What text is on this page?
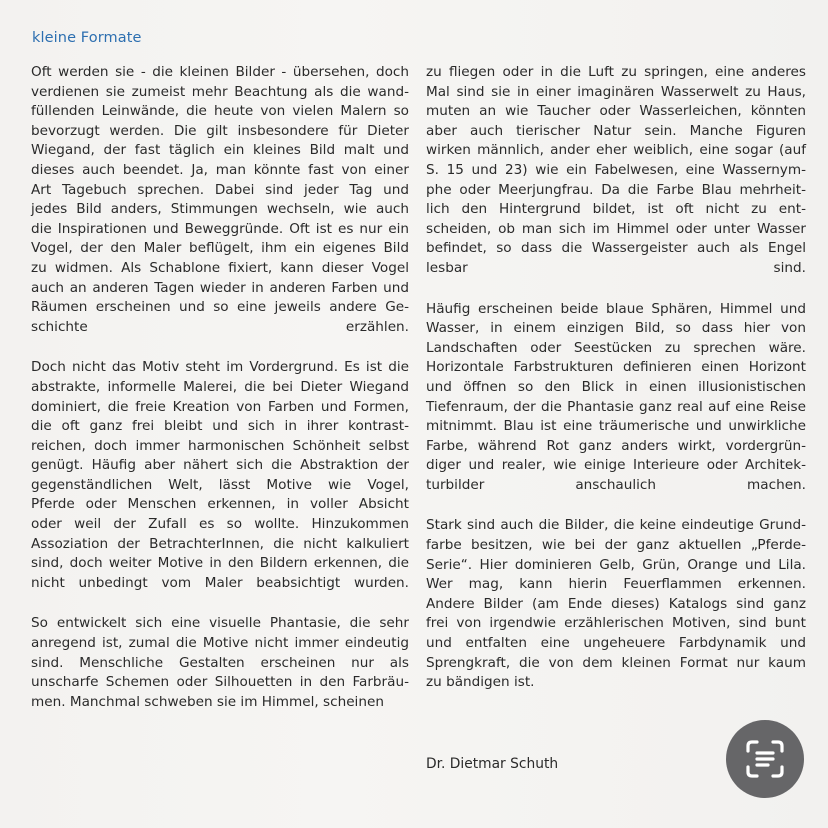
kleine Formate

Oft werden sie - die kleinen Bilder - übersehen, doch
verdienen sie zumeist mehr Beachtung als die wand-
füllenden Leinwände, die heute von vielen Malern so
bevorzugt werden. Die gilt insbesondere für Dieter
Wiegand, der fast täglich ein kleines Bild malt und
dieses auch beendet. Ja, man könnte fast von einer
Art Tagebuch sprechen. Dabei sind jeder Tag und
jedes Bild anders, Stimmungen wechseln, wie auch
die Inspirationen und Beweggründe. Oft ist es nur ein
Vogel, der den Maler beflügelt, ihm ein eigenes Bild
zu widmen. Als Schablone fixiert, kann dieser Vogel
auch an anderen Tagen wieder in anderen Farben und
Räumen erscheinen und so eine jeweils andere Ge-
schichte erzählen.

Doch nicht das Motiv steht im Vordergrund. Es ist die
abstrakte, informelle Malerei, die bei Dieter Wiegand
dominiert, die freie Kreation von Farben und Formen,
die oft ganz frei bleibt und sich in ihrer kontrast-
reichen, doch immer harmonischen Schönheit selbst
genügt. Häufig aber nähert sich die Abstraktion der
gegenständlichen Welt, lässt Motive wie Vogel,
Pferde oder Menschen erkennen, in voller Absicht
oder weil der Zufall es so wollte. Hinzukommen
Assoziation der BetrachterInnen, die nicht kalkuliert
sind, doch weiter Motive in den Bildern erkennen, die
nicht unbedingt vom Maler beabsichtigt wurden.

So entwickelt sich eine visuelle Phantasie, die sehr
anregend ist, zumal die Motive nicht immer eindeutig
sind. Menschliche Gestalten erscheinen nur als
unscharfe Schemen oder Silhouetten in den Farbräu-
men. Manchmal schweben sie im Himmel, scheinen

zu fliegen oder in die Luft zu springen, eine anderes
Mal sind sie in einer imaginären Wasserwelt zu Haus,
muten an wie Taucher oder Wasserleichen, könnten
aber auch tierischer Natur sein. Manche Figuren
wirken männlich, ander eher weiblich, eine sogar (auf
S. 15 und 23) wie ein Fabelwesen, eine Wassernym-
phe oder Meerjungfrau. Da die Farbe Blau mehrheit-
lich den Hintergrund bildet, ist oft nicht zu ent-
scheiden, ob man sich im Himmel oder unter Wasser
befindet, so dass die Wassergeister auch als Engel
lesbar sind.

Häufig erscheinen beide blaue Sphären, Himmel und
Wasser, in einem einzigen Bild, so dass hier von
Landschaften oder Seestücken zu sprechen wäre.
Horizontale Farbstrukturen definieren einen Horizont
und öffnen so den Blick in einen illusionistischen
Tiefenraum, der die Phantasie ganz real auf eine Reise
mitnimmt. Blau ist eine träumerische und unwirkliche
Farbe, während Rot ganz anders wirkt, vordergrün-
diger und realer, wie einige Interieure oder Architek-
turbilder anschaulich machen.

Stark sind auch die Bilder, die keine eindeutige Grund-
farbe besitzen, wie bei der ganz aktuellen „Pferde-
Serie“. Hier dominieren Gelb, Grün, Orange und Lila.
Wer mag, kann hierin Feuerflammen erkennen.
Andere Bilder (am Ende dieses) Katalogs sind ganz
frei von irgendwie erzählerischen Motiven, sind bunt
und entfalten eine ungeheuere Farbdynamik und
Sprengkraft, die von dem kleinen Format nur kaum
zu bändigen ist.

Dr. Dietmar Schuth
